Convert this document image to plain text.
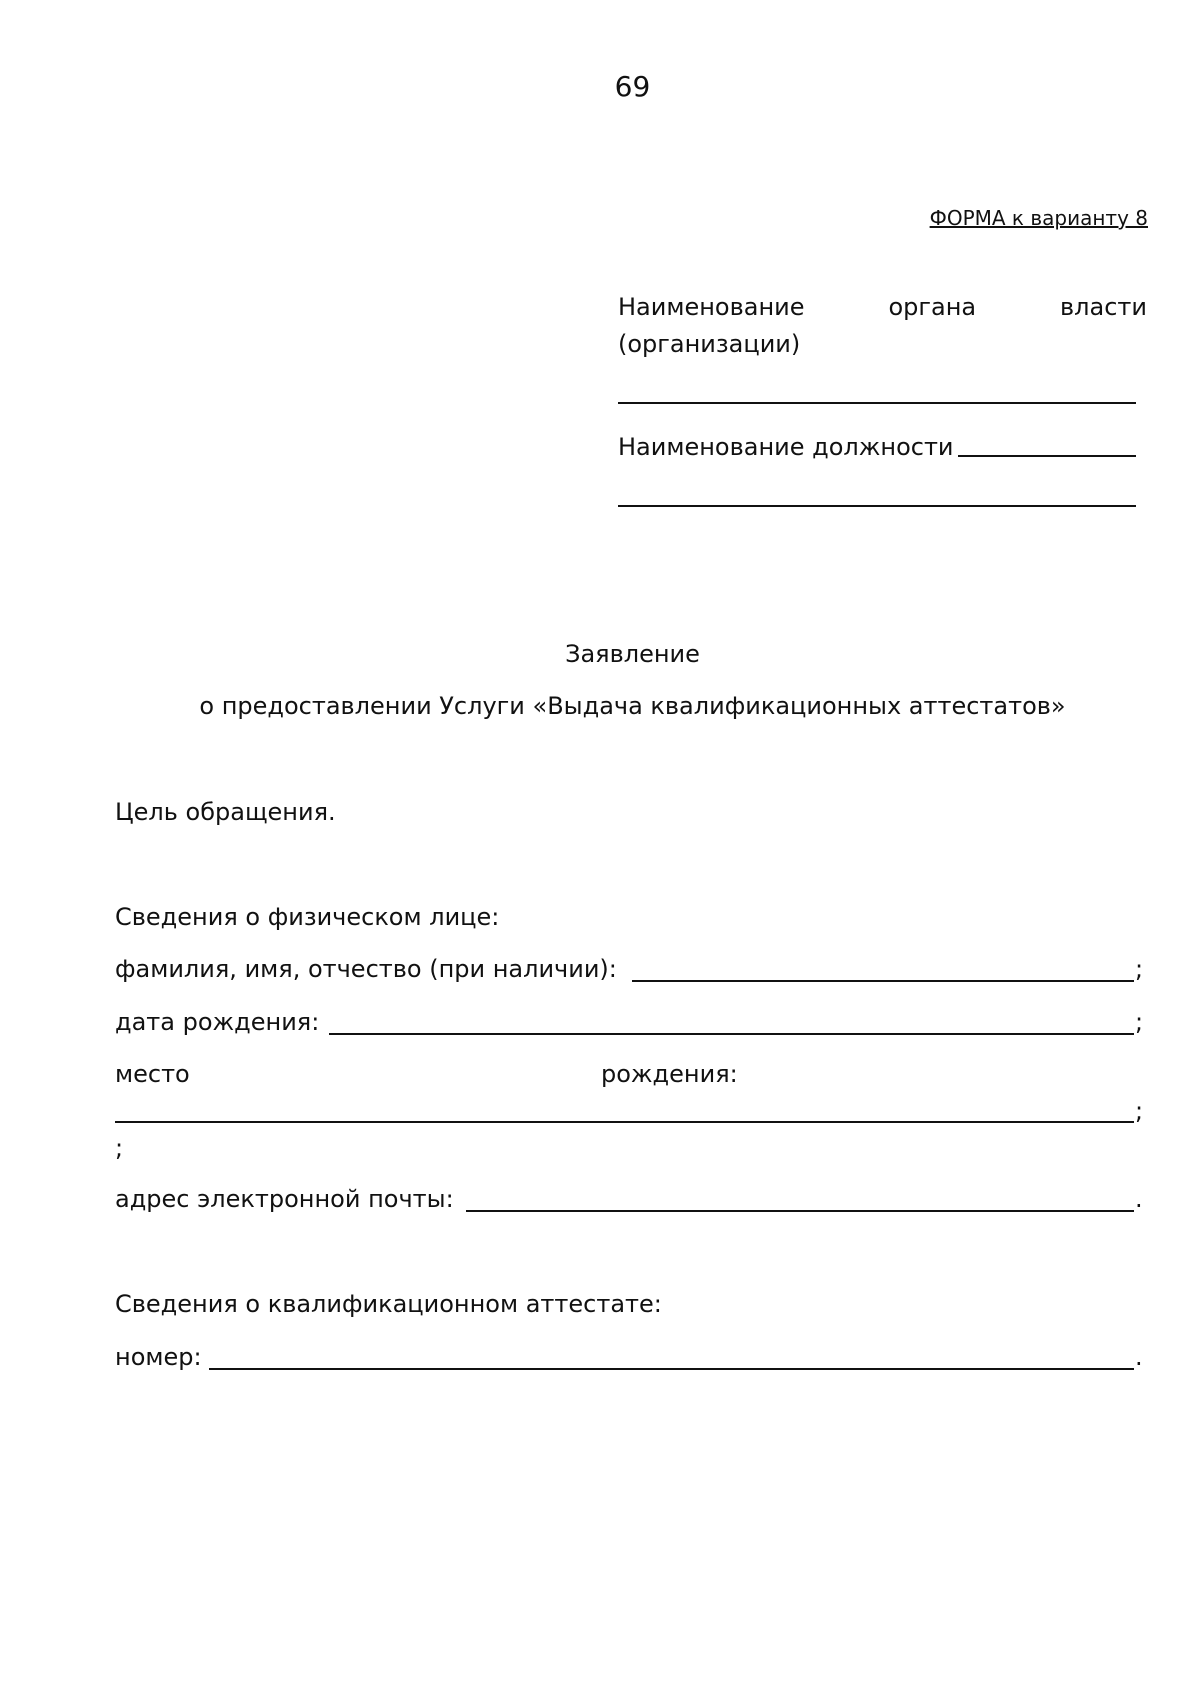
69
ФОРМА к варианту 8
Наименование	органа	власти
(организации)
Наименование должности
Заявление
о предоставлении Услуги «Выдача квалификационных аттестатов»
Цель обращения.
Сведения о физическом лице:
фамилия, имя, отчество (при наличии):	;
дата рождения:	;
место	рождения:
;
;
адрес электронной почты:	.
Сведения о квалификационном аттестате:
номер:	.
